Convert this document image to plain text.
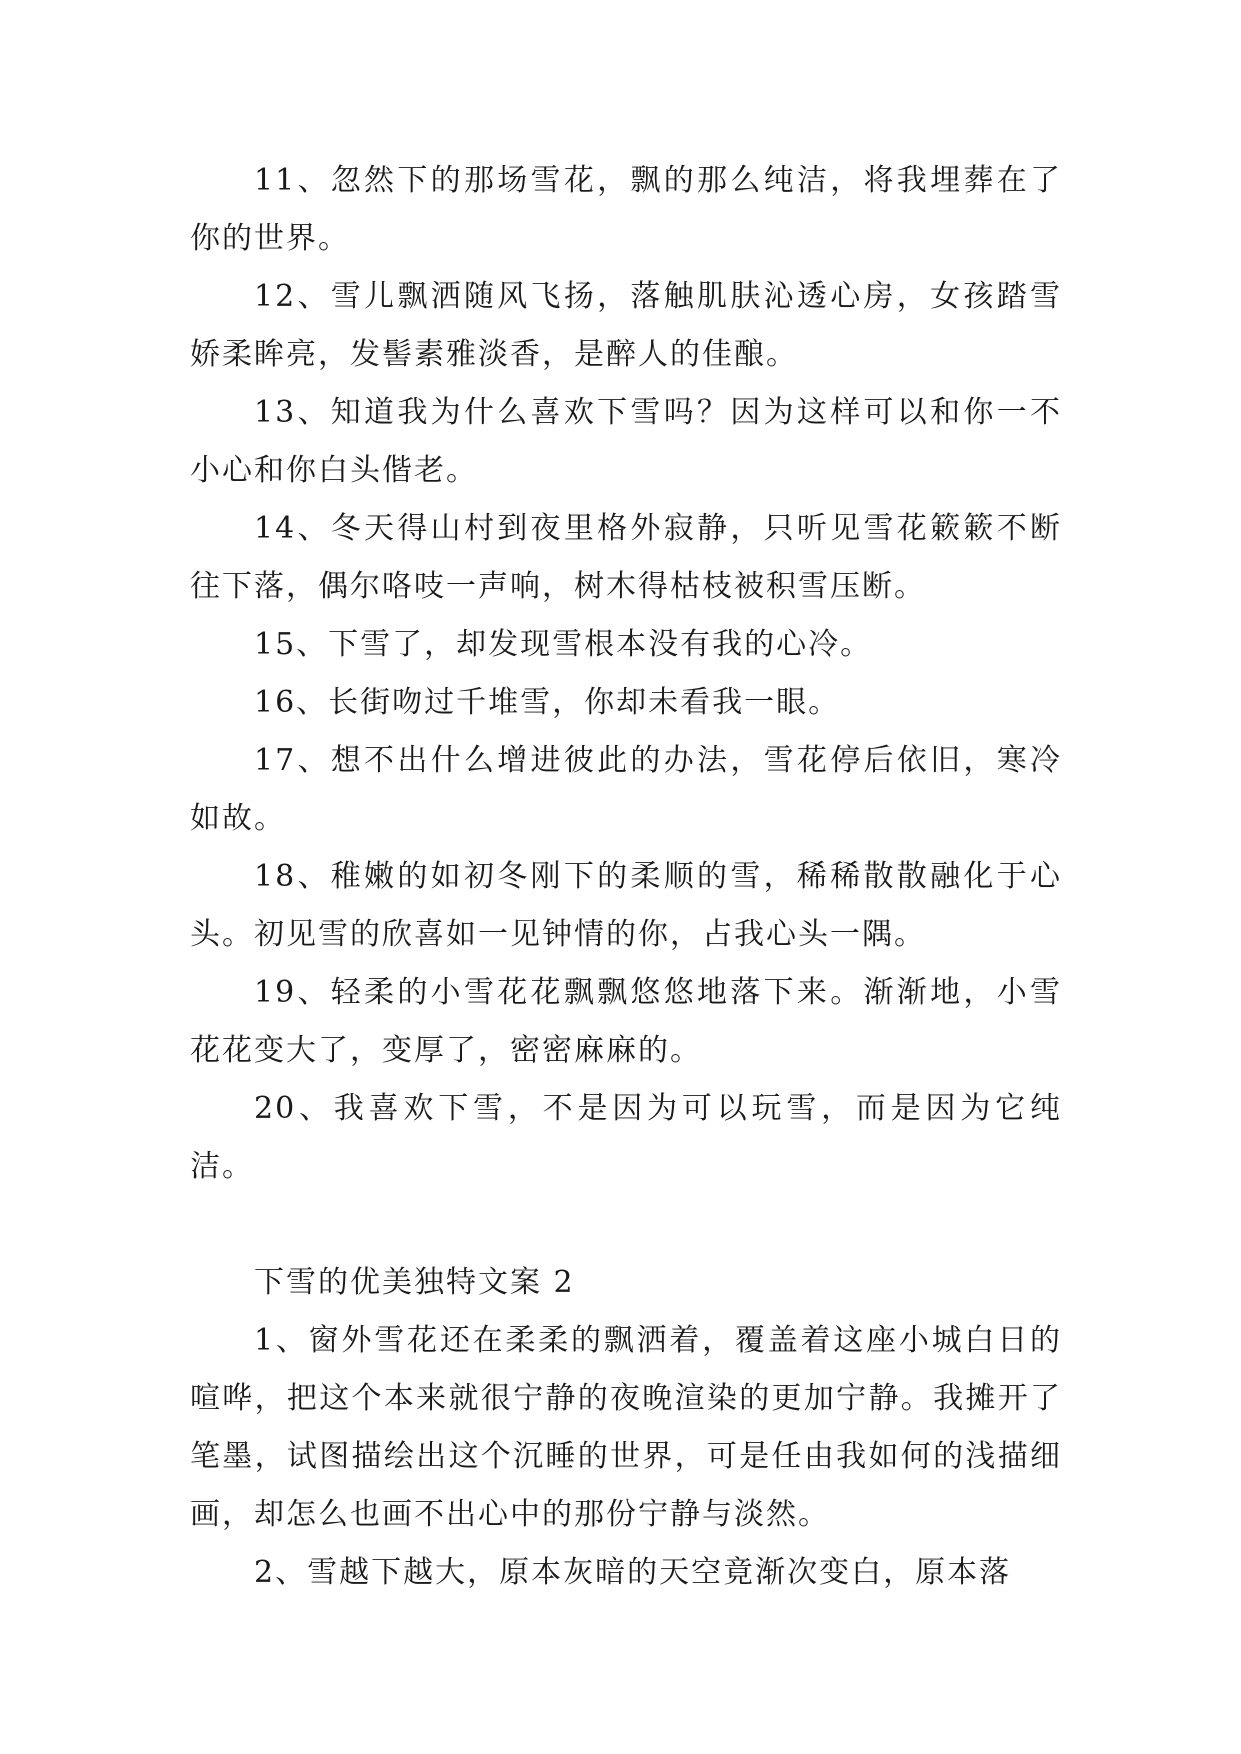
11、忽然下的那场雪花，飘的那么纯洁，将我埋葬在了你的世界。

12、雪儿飘洒随风飞扬，落触肌肤沁透心房，女孩踏雪娇柔眸亮，发髻素雅淡香，是醉人的佳酿。

13、知道我为什么喜欢下雪吗？因为这样可以和你一不小心和你白头偕老。

14、冬天得山村到夜里格外寂静，只听见雪花簌簌不断往下落，偶尔咯吱一声响，树木得枯枝被积雪压断。

15、下雪了，却发现雪根本没有我的心冷。

16、长街吻过千堆雪，你却未看我一眼。

17、想不出什么增进彼此的办法，雪花停后依旧，寒冷如故。

18、稚嫩的如初冬刚下的柔顺的雪，稀稀散散融化于心头。初见雪的欣喜如一见钟情的你，占我心头一隅。

19、轻柔的小雪花花飘飘悠悠地落下来。渐渐地，小雪花花变大了，变厚了，密密麻麻的。

20、我喜欢下雪，不是因为可以玩雪，而是因为它纯洁。

下雪的优美独特文案 2

1、窗外雪花还在柔柔的飘洒着，覆盖着这座小城白日的喧哗，把这个本来就很宁静的夜晚渲染的更加宁静。我摊开了笔墨，试图描绘出这个沉睡的世界，可是任由我如何的浅描细画，却怎么也画不出心中的那份宁静与淡然。

2、雪越下越大，原本灰暗的天空竟渐次变白，原本落
